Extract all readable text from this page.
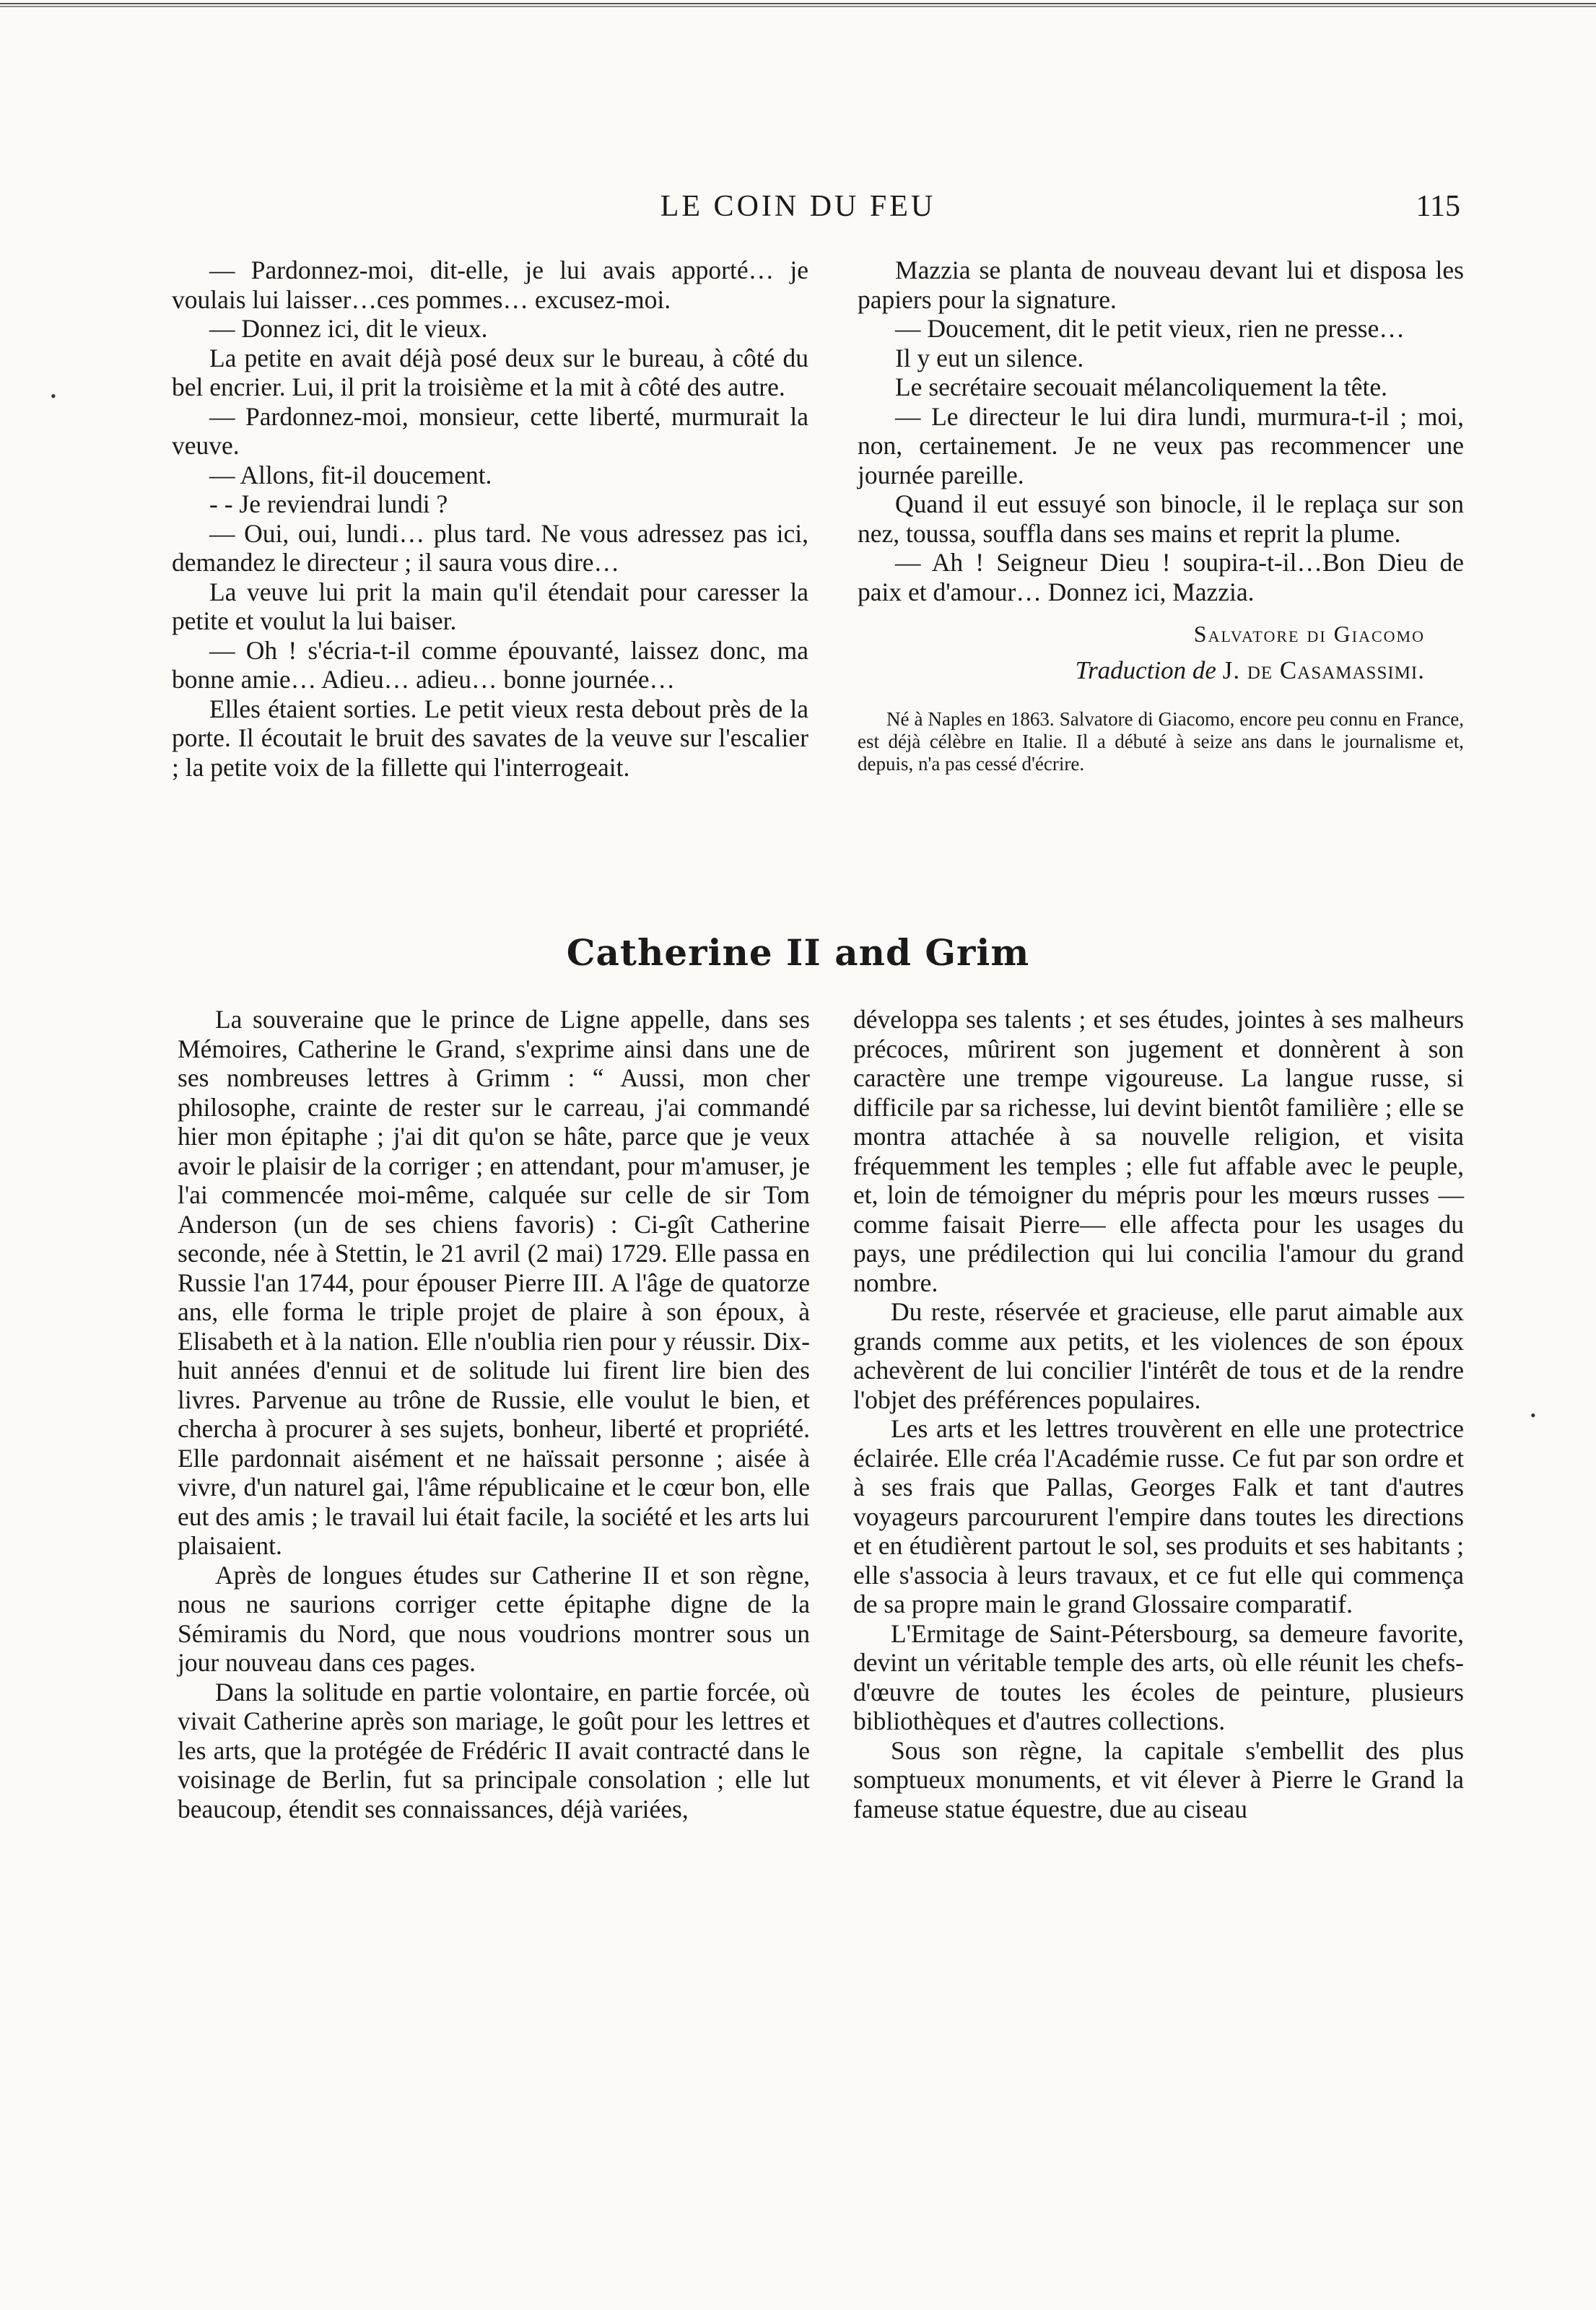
LE COIN DU FEU	115
•
•

— Pardonnez-moi, dit-elle, je lui avais apporté… je voulais lui laisser…ces pommes… excusez-moi.

— Donnez ici, dit le vieux.

La petite en avait déjà posé deux sur le bureau, à côté du bel encrier. Lui, il prit la troisième et la mit à côté des autre.

— Pardonnez-moi, monsieur, cette liberté, murmurait la veuve.

— Allons, fit-il doucement.

- - Je reviendrai lundi ?

— Oui, oui, lundi… plus tard. Ne vous adressez pas ici, demandez le directeur ; il saura vous dire…

La veuve lui prit la main qu'il étendait pour caresser la petite et voulut la lui baiser.

— Oh ! s'écria-t-il comme épouvanté, laissez donc, ma bonne amie… Adieu… adieu… bonne journée…

Elles étaient sorties. Le petit vieux resta debout près de la porte. Il écoutait le bruit des savates de la veuve sur l'escalier ; la petite voix de la fillette qui l'interrogeait.

Mazzia se planta de nouveau devant lui et disposa les papiers pour la signature.

— Doucement, dit le petit vieux, rien ne presse…

Il y eut un silence.

Le secrétaire secouait mélancoliquement la tête.

— Le directeur le lui dira lundi, murmura-t-il ; moi, non, certainement. Je ne veux pas recommencer une journée pareille.

Quand il eut essuyé son binocle, il le replaça sur son nez, toussa, souffla dans ses mains et reprit la plume.

— Ah ! Seigneur Dieu ! soupira-t-il…Bon Dieu de paix et d'amour… Donnez ici, Mazzia.

Salvatore di Giacomo
Traduction de J. de Casamassimi.
Né à Naples en 1863. Salvatore di Giacomo, encore peu connu en France, est déjà célèbre en Italie. Il a débuté à seize ans dans le journalisme et, depuis, n'a pas cessé d'écrire.
Catherine II and Grim

La souveraine que le prince de Ligne appelle, dans ses Mémoires, Catherine le Grand, s'exprime ainsi dans une de ses nombreuses lettres à Grimm : “ Aussi, mon cher philosophe, crainte de rester sur le carreau, j'ai commandé hier mon épitaphe ; j'ai dit qu'on se hâte, parce que je veux avoir le plaisir de la corriger ; en attendant, pour m'amuser, je l'ai commencée moi-même, calquée sur celle de sir Tom Anderson (un de ses chiens favoris) : Ci-gît Catherine seconde, née à Stettin, le 21 avril (2 mai) 1729. Elle passa en Russie l'an 1744, pour épouser Pierre III. A l'âge de quatorze ans, elle forma le triple projet de plaire à son époux, à Elisabeth et à la nation. Elle n'oublia rien pour y réussir. Dix-huit années d'ennui et de solitude lui firent lire bien des livres. Parvenue au trône de Russie, elle voulut le bien, et chercha à procurer à ses sujets, bonheur, liberté et propriété. Elle pardonnait aisément et ne haïssait personne ; aisée à vivre, d'un naturel gai, l'âme républicaine et le cœur bon, elle eut des amis ; le travail lui était facile, la société et les arts lui plaisaient.

Après de longues études sur Catherine II et son règne, nous ne saurions corriger cette épitaphe digne de la Sémiramis du Nord, que nous voudrions montrer sous un jour nouveau dans ces pages.

Dans la solitude en partie volontaire, en partie forcée, où vivait Catherine après son mariage, le goût pour les lettres et les arts, que la protégée de Frédéric II avait contracté dans le voisinage de Berlin, fut sa principale consolation ; elle lut beaucoup, étendit ses connaissances, déjà variées,

développa ses talents ; et ses études, jointes à ses malheurs précoces, mûrirent son jugement et donnèrent à son caractère une trempe vigoureuse. La langue russe, si difficile par sa richesse, lui devint bientôt familière ; elle se montra attachée à sa nouvelle religion, et visita fréquemment les temples ; elle fut affable avec le peuple, et, loin de témoigner du mépris pour les mœurs russes — comme faisait Pierre— elle affecta pour les usages du pays, une prédilection qui lui concilia l'amour du grand nombre.

Du reste, réservée et gracieuse, elle parut aimable aux grands comme aux petits, et les violences de son époux achevèrent de lui concilier l'intérêt de tous et de la rendre l'objet des préférences populaires.

Les arts et les lettres trouvèrent en elle une protectrice éclairée. Elle créa l'Académie russe. Ce fut par son ordre et à ses frais que Pallas, Georges Falk et tant d'autres voyageurs parcoururent l'empire dans toutes les directions et en étudièrent partout le sol, ses produits et ses habitants ; elle s'associa à leurs travaux, et ce fut elle qui commença de sa propre main le grand Glossaire comparatif.

L'Ermitage de Saint-Pétersbourg, sa demeure favorite, devint un véritable temple des arts, où elle réunit les chefs-d'œuvre de toutes les écoles de peinture, plusieurs bibliothèques et d'autres collections.

Sous son règne, la capitale s'embellit des plus somptueux monuments, et vit élever à Pierre le Grand la fameuse statue équestre, due au ciseau
